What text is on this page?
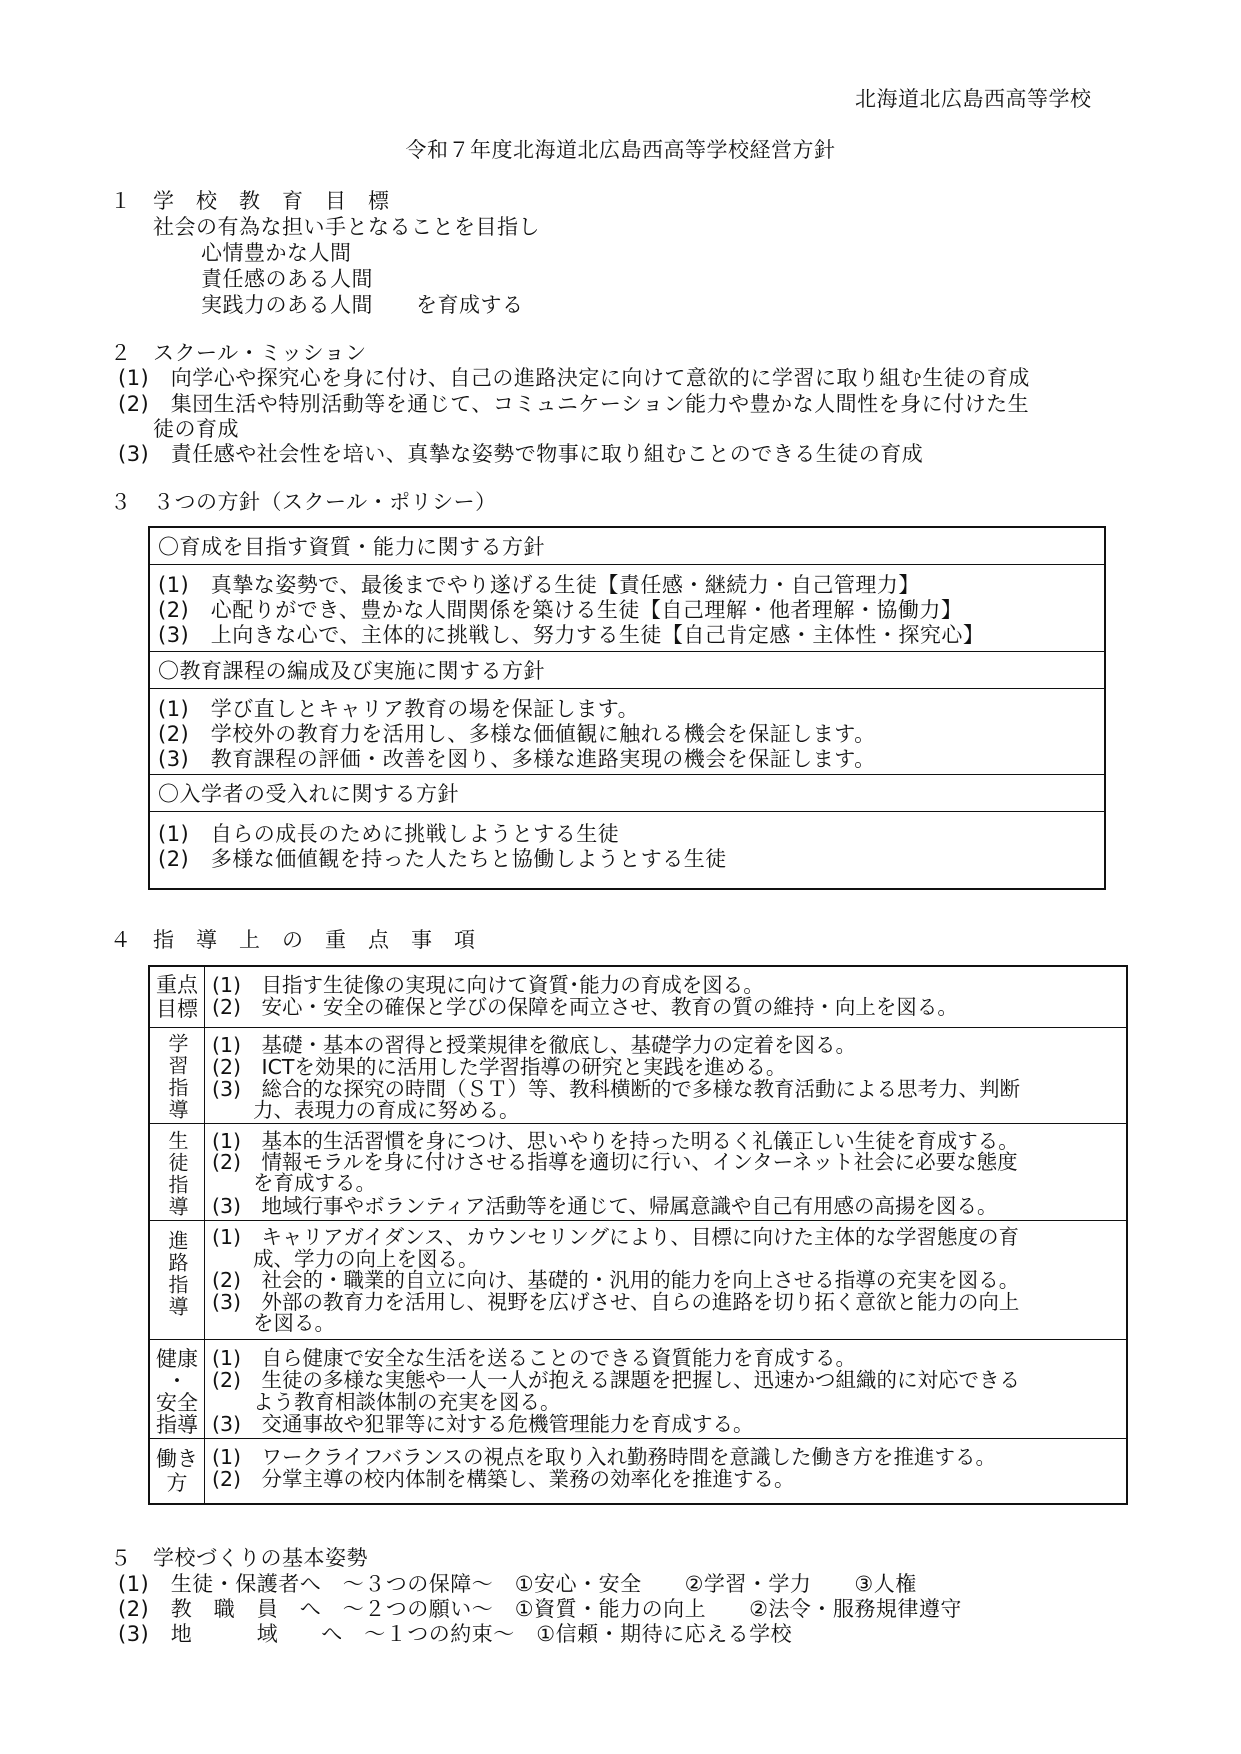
北海道北広島西高等学校
令和７年度北海道北広島西高等学校経営方針
１　学　校　教　育　目　標
社会の有為な担い手となることを目指し
心情豊かな人間
責任感のある人間
実践力のある人間　　を育成する
２　スクール・ミッション
(1)　向学心や探究心を身に付け、自己の進路決定に向けて意欲的に学習に取り組む生徒の育成
(2)　集団生活や特別活動等を通じて、コミュニケーション能力や豊かな人間性を身に付けた生
徒の育成
(3)　責任感や社会性を培い、真摯な姿勢で物事に取り組むことのできる生徒の育成
３　３つの方針（スクール・ポリシー）
〇育成を目指す資質・能力に関する方針
(1)　真摯な姿勢で、最後までやり遂げる生徒【責任感・継続力・自己管理力】
(2)　心配りができ、豊かな人間関係を築ける生徒【自己理解・他者理解・協働力】
(3)　上向きな心で、主体的に挑戦し、努力する生徒【自己肯定感・主体性・探究心】
〇教育課程の編成及び実施に関する方針
(1)　学び直しとキャリア教育の場を保証します。
(2)　学校外の教育力を活用し、多様な価値観に触れる機会を保証します。
(3)　教育課程の評価・改善を図り、多様な進路実現の機会を保証します。
〇入学者の受入れに関する方針
(1)　自らの成長のために挑戦しようとする生徒
(2)　多様な価値観を持った人たちと協働しようとする生徒
４　指　導　上　の　重　点　事　項
重点
目標
(1)　目指す生徒像の実現に向けて資質･能力の育成を図る。
(2)　安心・安全の確保と学びの保障を両立させ、教育の質の維持・向上を図る。
学習指導 (1)　基礎・基本の習得と授業規律を徹底し、基礎学力の定着を図る。
(2)　ICTを効果的に活用した学習指導の研究と実践を進める。
(3)　総合的な探究の時間（ＳＴ）等、教科横断的で多様な教育活動による思考力、判断
　　力、表現力の育成に努める。
生徒指導 (1)　基本的生活習慣を身につけ、思いやりを持った明るく礼儀正しい生徒を育成する。
(2)　情報モラルを身に付けさせる指導を適切に行い、インターネット社会に必要な態度
　　を育成する。
(3)　地域行事やボランティア活動等を通じて、帰属意識や自己有用感の高揚を図る。
進路指導 (1)　キャリアガイダンス、カウンセリングにより、目標に向けた主体的な学習態度の育
　　成、学力の向上を図る。
(2)　社会的・職業的自立に向け、基礎的・汎用的能力を向上させる指導の充実を図る。
(3)　外部の教育力を活用し、視野を広げさせ、自らの進路を切り拓く意欲と能力の向上
　　を図る。
健康
・
安全
指導
(1)　自ら健康で安全な生活を送ることのできる資質能力を育成する。
(2)　生徒の多様な実態や一人一人が抱える課題を把握し、迅速かつ組織的に対応できる
　　よう教育相談体制の充実を図る。
(3)　交通事故や犯罪等に対する危機管理能力を育成する。
働き
方
(1)　ワークライフバランスの視点を取り入れ勤務時間を意識した働き方を推進する。
(2)　分掌主導の校内体制を構築し、業務の効率化を推進する。
５　学校づくりの基本姿勢
(1)　生徒・保護者へ　～３つの保障～　①安心・安全　　②学習・学力　　③人権
(2)　教　職　員　へ　～２つの願い～　①資質・能力の向上　　②法令・服務規律遵守
(3)　地　　　域　　へ　～１つの約束～　①信頼・期待に応える学校
